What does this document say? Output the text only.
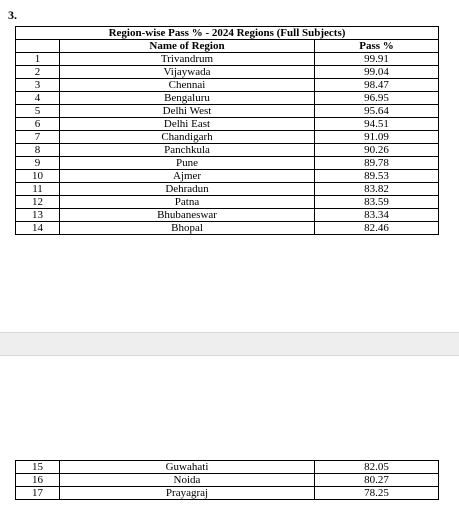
3.
Region-wise Pass % - 2024 Regions (Full Subjects)		
	Name of Region	Pass %
1	Trivandrum	99.91
2	Vijaywada	99.04
3	Chennai	98.47
4	Bengaluru	96.95
5	Delhi West	95.64
6	Delhi East	94.51
7	Chandigarh	91.09
8	Panchkula	90.26
9	Pune	89.78
10	Ajmer	89.53
11	Dehradun	83.82
12	Patna	83.59
13	Bhubaneswar	83.34
14	Bhopal	82.46
15	Guwahati	82.05
16	Noida	80.27
17	Prayagraj	78.25
